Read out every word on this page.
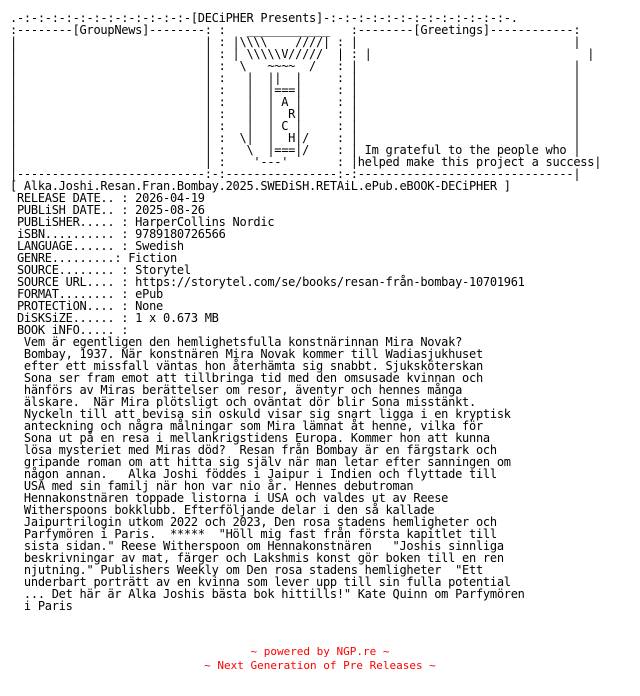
.-:-:-:-:-:-:-:-:-:-:-:-:-[DECiPHER Presents]-:-:-:-:-:-:-:-:-:-:-:-:-:-.
:--------[GroupNews]--------: :   ____________   :--------[Greetings]------------:
|                           | : |\\\\    ////| : |                               |
|                           | : | \\\\\V/////  | : |                               |
|                           | :  \   ~~~~  /   : |                               |
|                           | :   |  ||  |     : |                               |
|                           | :   |  |===|     : |                               |
|                           | :   |  | A |     : |                               |
|                           | :   |  |  R|     : |                               |
|                           | :   |  | C |     : |                               |
|                           | :  \|  |  H|/    : |                               |
|                           | :   \  |===|/    : | Im grateful to the people who |
|                           | :    '---'       : |helped make this project a success|
|---------------------------:-:----------------:-:-------------------------------|
[ Alka.Joshi.Resan.Fran.Bombay.2025.SWEDiSH.RETAiL.ePub.eBOOK-DECiPHER ]
RELEASE DATE.. : 2026-04-19
PUBLiSH DATE.. : 2025-08-26
PUBLiSHER..... : HarperCollins Nordic
iSBN.......... : 9789180726566
LANGUAGE...... : Swedish
GENRE.........: Fiction
SOURCE........ : Storytel
SOURCE URL.... : https://storytel.com/se/books/resan-från-bombay-10701961
FORMAT........ : ePub
PROTECTiON.... : None
DiSKSiZE...... : 1 x 0.673 MB
BOOK iNFO..... :
Vem är egentligen den hemlighetsfulla konstnärinnan Mira Novak?
Bombay, 1937. När konstnären Mira Novak kommer till Wadiasjukhuset
efter ett missfall väntas hon återhämta sig snabbt. Sjuksköterskan
Sona ser fram emot att tillbringa tid med den omsusade kvinnan och
hänförs av Miras berättelser om resor, äventyr och hennes många
älskare.  När Mira plötsligt och oväntat dör blir Sona misstänkt.
Nyckeln till att bevisa sin oskuld visar sig snart ligga i en kryptisk
anteckning och några målningar som Mira lämnat åt henne, vilka för
Sona ut på en resa i mellankrigstidens Europa. Kommer hon att kunna
lösa mysteriet med Miras död?  Resan från Bombay är en färgstark och
gripande roman om att hitta sig själv när man letar efter sanningen om
någon annan.   Alka Joshi föddes i Jaipur i Indien och flyttade till
USA med sin familj när hon var nio år. Hennes debutroman
Hennakonstnären toppade listorna i USA och valdes ut av Reese
Witherspoons bokklubb. Efterföljande delar i den så kallade
Jaipurtrilogin utkom 2022 och 2023, Den rosa stadens hemligheter och
Parfymören i Paris.  *****  "Höll mig fast från första kapitlet till
sista sidan." Reese Witherspoon om Hennakonstnären   "Joshis sinnliga
beskrivningar av mat, färger och Lakshmis konst gör boken till en ren
njutning." Publishers Weekly om Den rosa stadens hemligheter  "Ett
underbart porträtt av en kvinna som lever upp till sin fulla potential
... Det här är Alka Joshis bästa bok hittills!" Kate Quinn om Parfymören
i Paris
~ powered by NGP.re ~
~ Next Generation of Pre Releases ~
